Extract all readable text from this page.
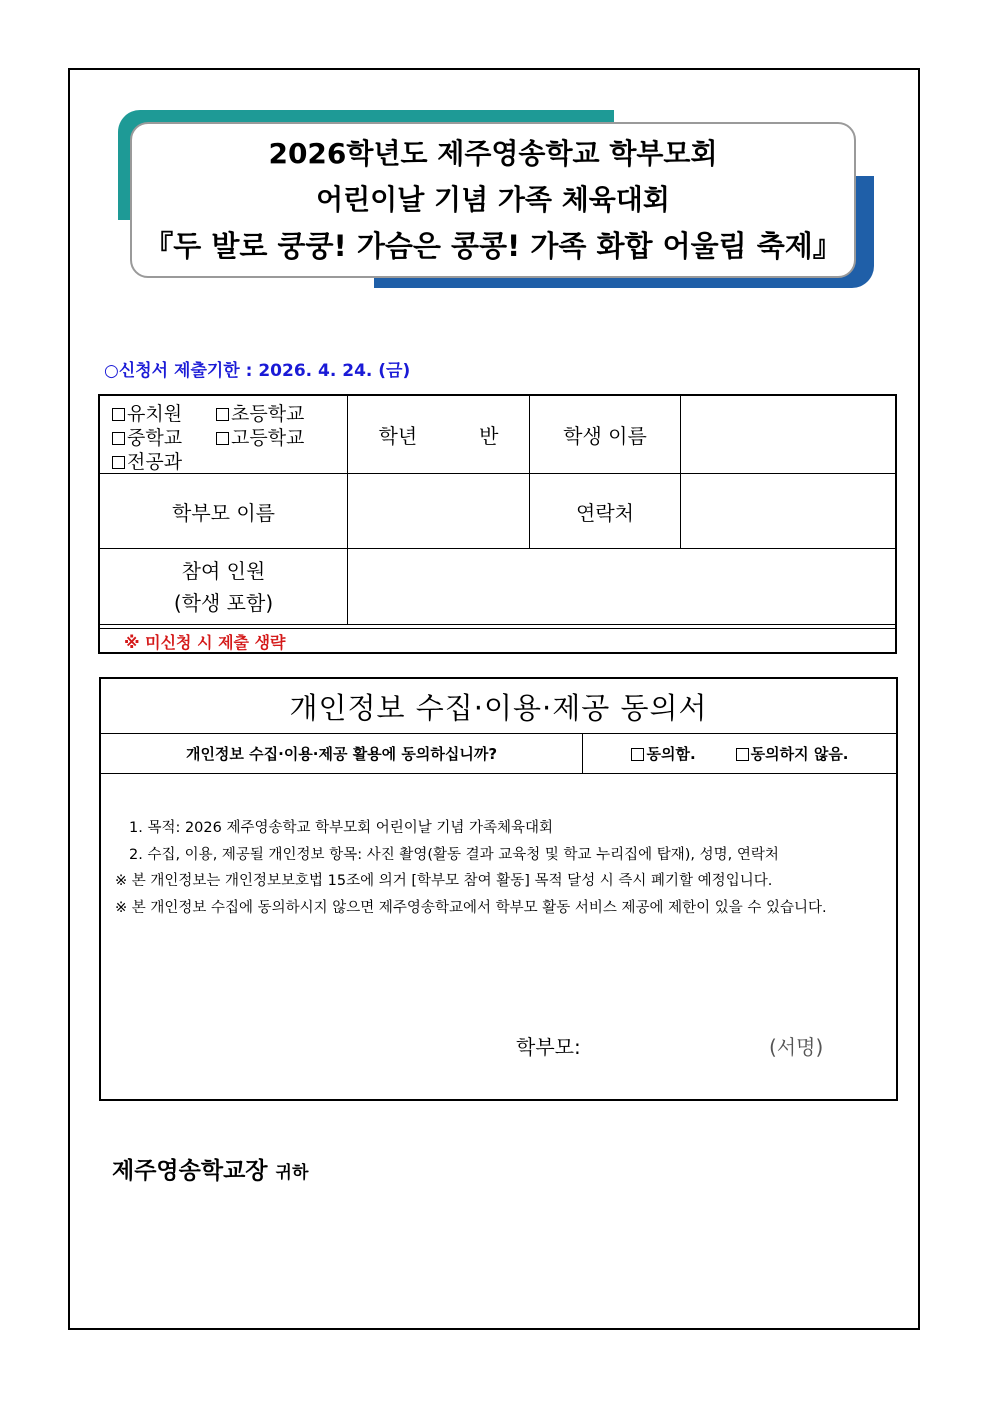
2026학년도 제주영송학교 학부모회
어린이날 기념 가족 체육대회
『두 발로 쿵쿵! 가슴은 콩콩! 가족 화합 어울림 축제』
○신청서 제출기한 : 2026. 4. 24. (금)
유치원	초등학교
중학교	고등학교
전공과
학년	반	학생 이름
학부모 이름	연락처
참여 인원
(학생 포함)
※ 미신청 시 제출 생략
개인정보 수집·이용·제공 동의서
개인정보 수집·이용·제공 활용에 동의하십니까?	동의함.	동의하지 않음.

1. 목적: 2026 제주영송학교 학부모회 어린이날 기념 가족체육대회

2. 수집, 이용, 제공될 개인정보 항목: 사진 촬영(활동 결과 교육청 및 학교 누리집에 탑재), 성명, 연락처

※ 본 개인정보는 개인정보보호법 15조에 의거 [학부모 참여 활동] 목적 달성 시 즉시 폐기할 예정입니다.

※ 본 개인정보 수집에 동의하시지 않으면 제주영송학교에서 학부모 활동 서비스 제공에 제한이 있을 수 있습니다.

학부모:	(서명)
제주영송학교장 귀하
